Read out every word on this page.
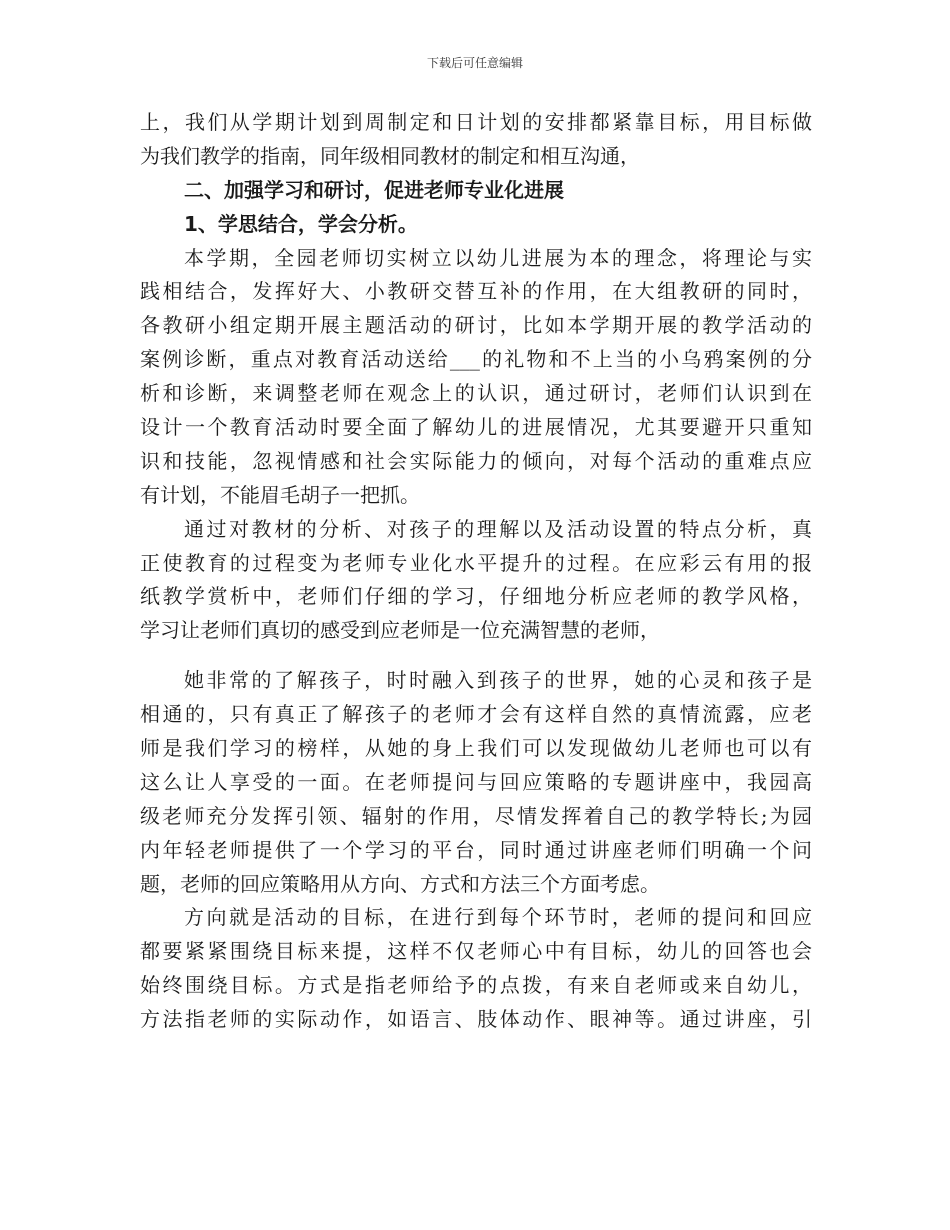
下载后可任意编辑
上，我们从学期计划到周制定和日计划的安排都紧靠目标，用目标做
为我们教学的指南，同年级相同教材的制定和相互沟通，
二、加强学习和研讨，促进老师专业化进展
1、学思结合，学会分析。
本学期，全园老师切实树立以幼儿进展为本的理念，将理论与实
践相结合，发挥好大、小教研交替互补的作用，在大组教研的同时，
各教研小组定期开展主题活动的研讨，比如本学期开展的教学活动的
案例诊断，重点对教育活动送给___的礼物和不上当的小乌鸦案例的分
析和诊断，来调整老师在观念上的认识，通过研讨，老师们认识到在
设计一个教育活动时要全面了解幼儿的进展情况，尤其要避开只重知
识和技能，忽视情感和社会实际能力的倾向，对每个活动的重难点应
有计划，不能眉毛胡子一把抓。
通过对教材的分析、对孩子的理解以及活动设置的特点分析，真
正使教育的过程变为老师专业化水平提升的过程。在应彩云有用的报
纸教学赏析中，老师们仔细的学习，仔细地分析应老师的教学风格，
学习让老师们真切的感受到应老师是一位充满智慧的老师，
她非常的了解孩子，时时融入到孩子的世界，她的心灵和孩子是
相通的，只有真正了解孩子的老师才会有这样自然的真情流露，应老
师是我们学习的榜样，从她的身上我们可以发现做幼儿老师也可以有
这么让人享受的一面。在老师提问与回应策略的专题讲座中，我园高
级老师充分发挥引领、辐射的作用，尽情发挥着自己的教学特长;为园
内年轻老师提供了一个学习的平台，同时通过讲座老师们明确一个问
题，老师的回应策略用从方向、方式和方法三个方面考虑。
方向就是活动的目标，在进行到每个环节时，老师的提问和回应
都要紧紧围绕目标来提，这样不仅老师心中有目标，幼儿的回答也会
始终围绕目标。方式是指老师给予的点拨，有来自老师或来自幼儿，
方法指老师的实际动作，如语言、肢体动作、眼神等。通过讲座，引
